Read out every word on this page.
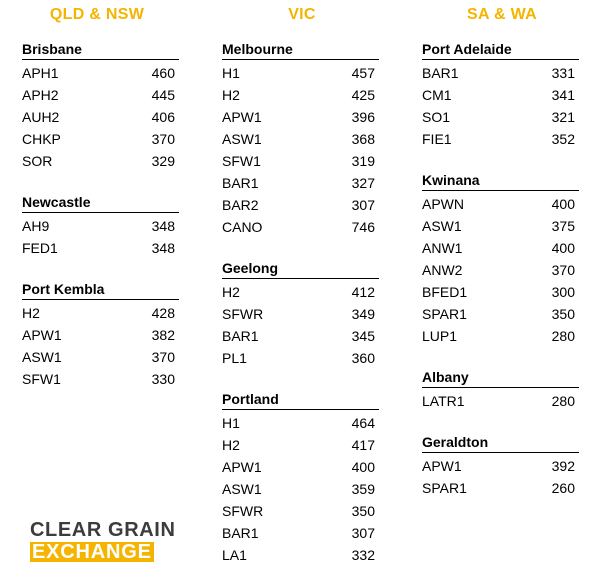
QLD & NSW	VIC	SA & WA
Brisbane
APH1	460
APH2	445
AUH2	406
CHKP	370
SOR	329
Newcastle
AH9	348
FED1	348
Port Kembla
H2	428
APW1	382
ASW1	370
SFW1	330
Melbourne
H1	457
H2	425
APW1	396
ASW1	368
SFW1	319
BAR1	327
BAR2	307
CANO	746
Geelong
H2	412
SFWR	349
BAR1	345
PL1	360
Portland
H1	464
H2	417
APW1	400
ASW1	359
SFWR	350
BAR1	307
LA1	332
Port Adelaide
BAR1	331
CM1	341
SO1	321
FIE1	352
Kwinana
APWN	400
ASW1	375
ANW1	400
ANW2	370
BFED1	300
SPAR1	350
LUP1	280
Albany
LATR1	280
Geraldton
APW1	392
SPAR1	260
CLEAR GRAIN
EXCHANGE
